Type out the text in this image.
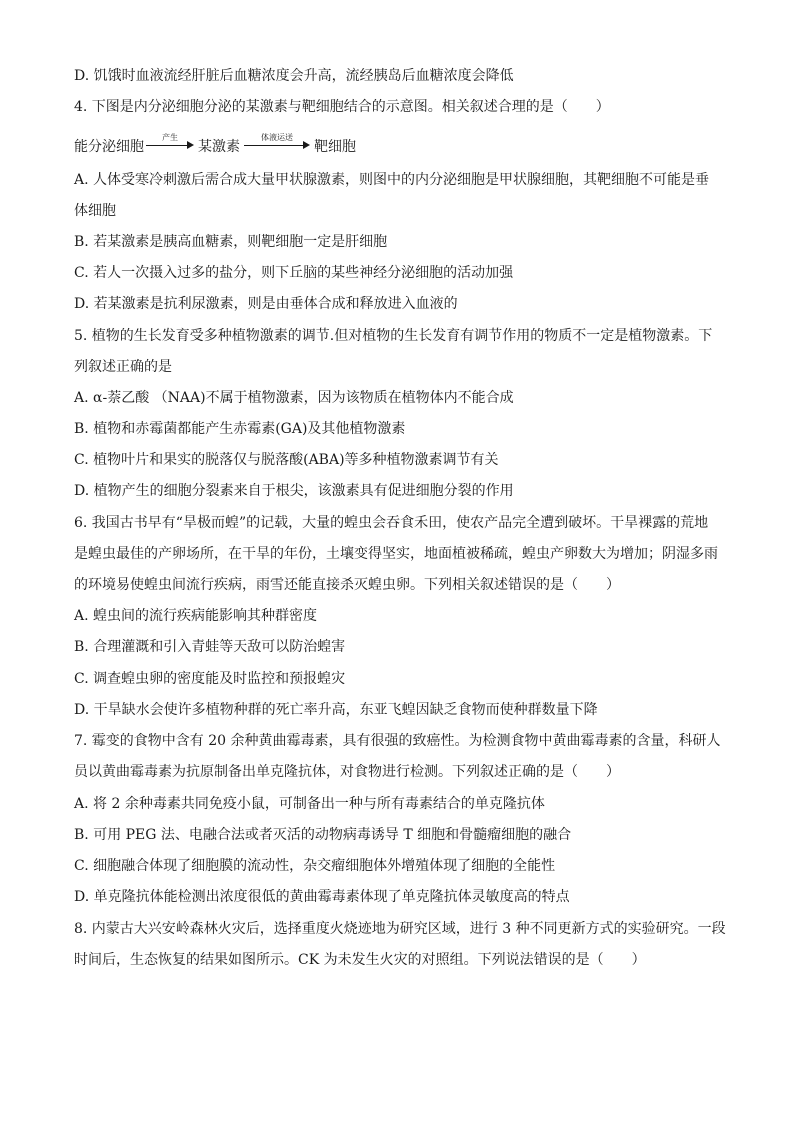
D. 饥饿时血液流经肝脏后血糖浓度会升高，流经胰岛后血糖浓度会降低
4. 下图是内分泌细胞分泌的某激素与靶细胞结合的示意图。相关叙述合理的是（　　）
能分泌细胞
产生
某激素
体液运送
靶细胞
A. 人体受寒冷刺激后需合成大量甲状腺激素，则图中的内分泌细胞是甲状腺细胞，其靶细胞不可能是垂
体细胞
B. 若某激素是胰高血糖素，则靶细胞一定是肝细胞
C. 若人一次摄入过多的盐分，则下丘脑的某些神经分泌细胞的活动加强
D. 若某激素是抗利尿激素，则是由垂体合成和释放进入血液的
5. 植物的生长发育受多种植物激素的调节.但对植物的生长发育有调节作用的物质不一定是植物激素。下
列叙述正确的是
A. α-萘乙酸 （NAA)不属于植物激素，因为该物质在植物体内不能合成
B. 植物和赤霉菌都能产生赤霉素(GA)及其他植物激素
C. 植物叶片和果实的脱落仅与脱落酸(ABA)等多种植物激素调节有关
D. 植物产生的细胞分裂素来自于根尖，该激素具有促进细胞分裂的作用
6. 我国古书早有“旱极而蝗”的记载，大量的蝗虫会吞食禾田，使农产品完全遭到破坏。干旱裸露的荒地
是蝗虫最佳的产卵场所，在干旱的年份，土壤变得坚实，地面植被稀疏，蝗虫产卵数大为增加；阴湿多雨
的环境易使蝗虫间流行疾病，雨雪还能直接杀灭蝗虫卵。下列相关叙述错误的是（　　）
A. 蝗虫间的流行疾病能影响其种群密度
B. 合理灌溉和引入青蛙等天敌可以防治蝗害
C. 调查蝗虫卵的密度能及时监控和预报蝗灾
D. 干旱缺水会使许多植物种群的死亡率升高，东亚飞蝗因缺乏食物而使种群数量下降
7. 霉变的食物中含有 20 余种黄曲霉毒素，具有很强的致癌性。为检测食物中黄曲霉毒素的含量，科研人
员以黄曲霉毒素为抗原制备出单克隆抗体，对食物进行检测。下列叙述正确的是（　　）
A. 将 2 余种毒素共同免疫小鼠，可制备出一种与所有毒素结合的单克隆抗体
B. 可用 PEG 法、电融合法或者灭活的动物病毒诱导 T 细胞和骨髓瘤细胞的融合
C. 细胞融合体现了细胞膜的流动性，杂交瘤细胞体外增殖体现了细胞的全能性
D. 单克隆抗体能检测出浓度很低的黄曲霉毒素体现了单克隆抗体灵敏度高的特点
8. 内蒙古大兴安岭森林火灾后，选择重度火烧迹地为研究区域，进行 3 种不同更新方式的实验研究。一段
时间后，生态恢复的结果如图所示。CK 为未发生火灾的对照组。下列说法错误的是（　　）
